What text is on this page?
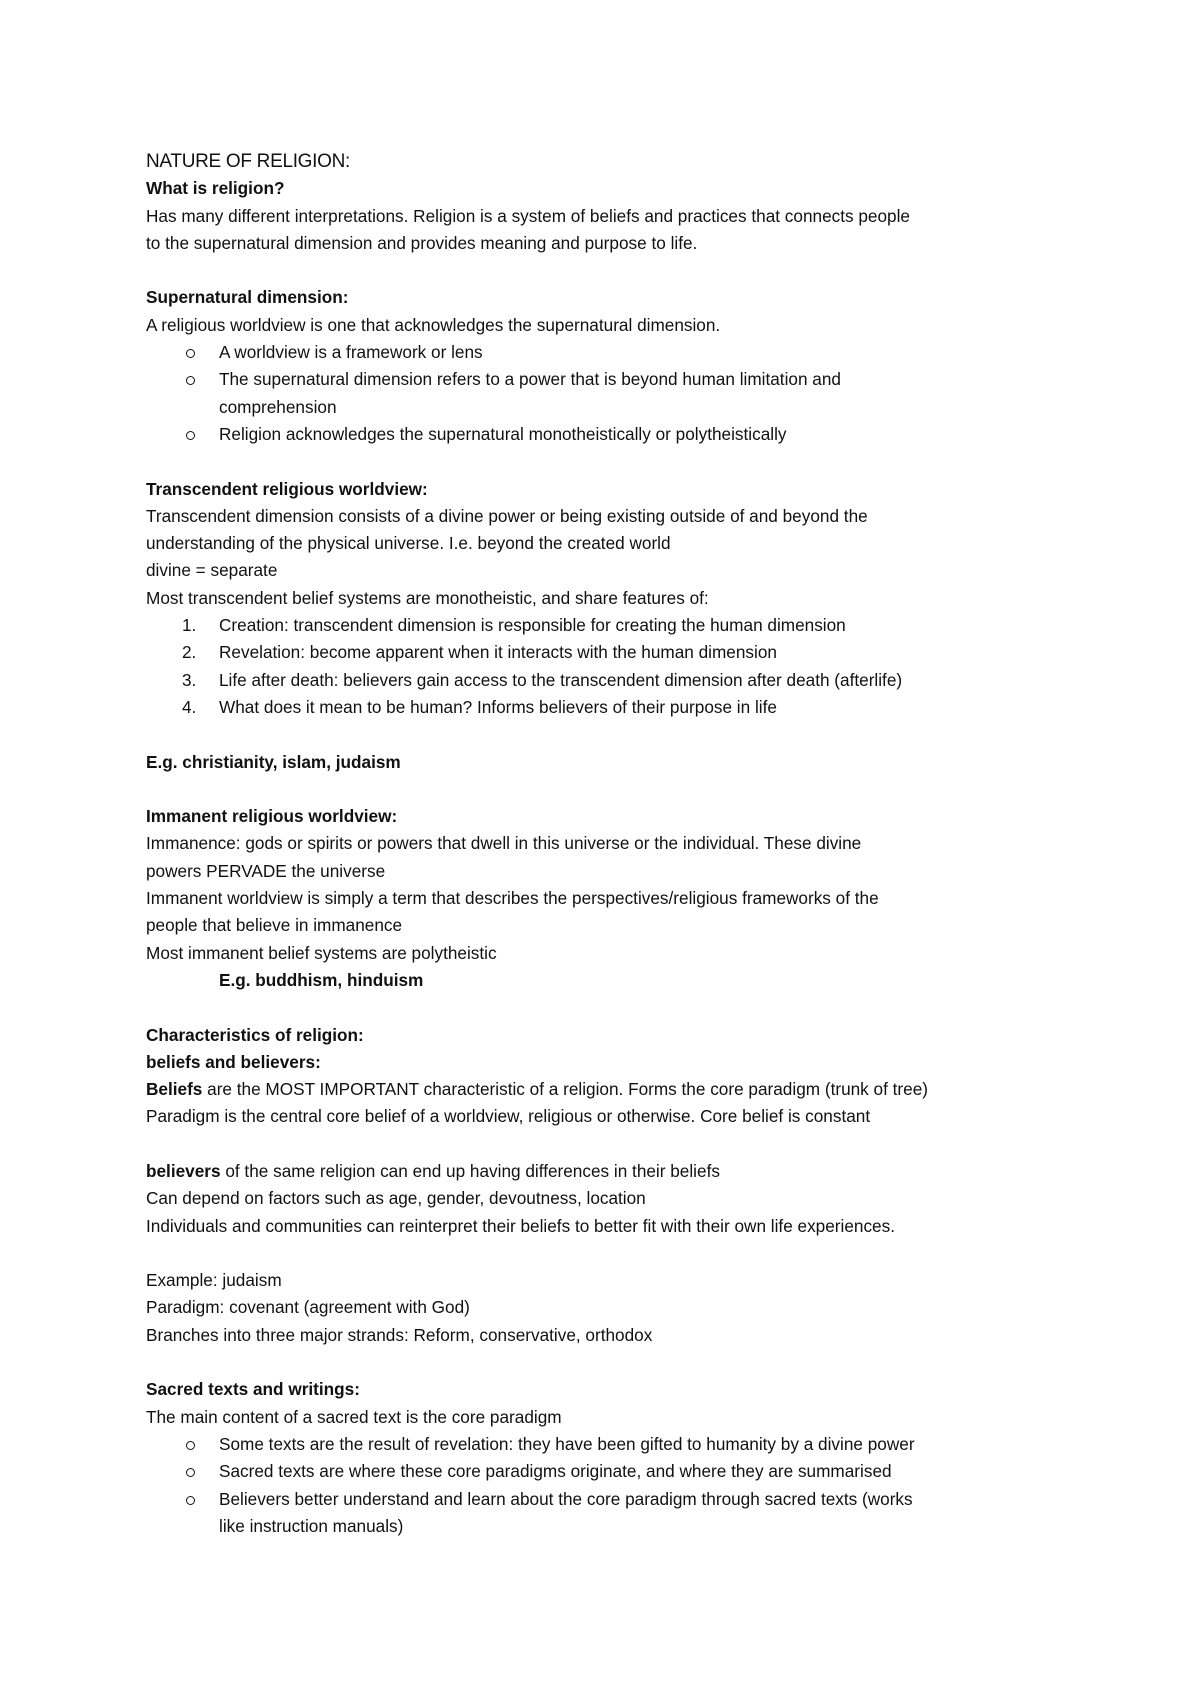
NATURE OF RELIGION:
What is religion?
Has many different interpretations. Religion is a system of beliefs and practices that connects people
to the supernatural dimension and provides meaning and purpose to life.
Supernatural dimension:
A religious worldview is one that acknowledges the supernatural dimension.
A worldview is a framework or lens
The supernatural dimension refers to a power that is beyond human limitation and
comprehension
Religion acknowledges the supernatural monotheistically or polytheistically
Transcendent religious worldview:
Transcendent dimension consists of a divine power or being existing outside of and beyond the
understanding of the physical universe. I.e. beyond the created world
divine = separate
Most transcendent belief systems are monotheistic, and share features of:
1. Creation: transcendent dimension is responsible for creating the human dimension
2. Revelation: become apparent when it interacts with the human dimension
3. Life after death: believers gain access to the transcendent dimension after death (afterlife)
4. What does it mean to be human? Informs believers of their purpose in life
E.g. christianity, islam, judaism
Immanent religious worldview:
Immanence: gods or spirits or powers that dwell in this universe or the individual. These divine
powers PERVADE the universe
Immanent worldview is simply a term that describes the perspectives/religious frameworks of the
people that believe in immanence
Most immanent belief systems are polytheistic
E.g. buddhism, hinduism
Characteristics of religion:
beliefs and believers:
Beliefs are the MOST IMPORTANT characteristic of a religion. Forms the core paradigm (trunk of tree)
Paradigm is the central core belief of a worldview, religious or otherwise. Core belief is constant
believers of the same religion can end up having differences in their beliefs
Can depend on factors such as age, gender, devoutness, location
Individuals and communities can reinterpret their beliefs to better fit with their own life experiences.
Example: judaism
Paradigm: covenant (agreement with God)
Branches into three major strands: Reform, conservative, orthodox
Sacred texts and writings:
The main content of a sacred text is the core paradigm
Some texts are the result of revelation: they have been gifted to humanity by a divine power
Sacred texts are where these core paradigms originate, and where they are summarised
Believers better understand and learn about the core paradigm through sacred texts (works
like instruction manuals)
